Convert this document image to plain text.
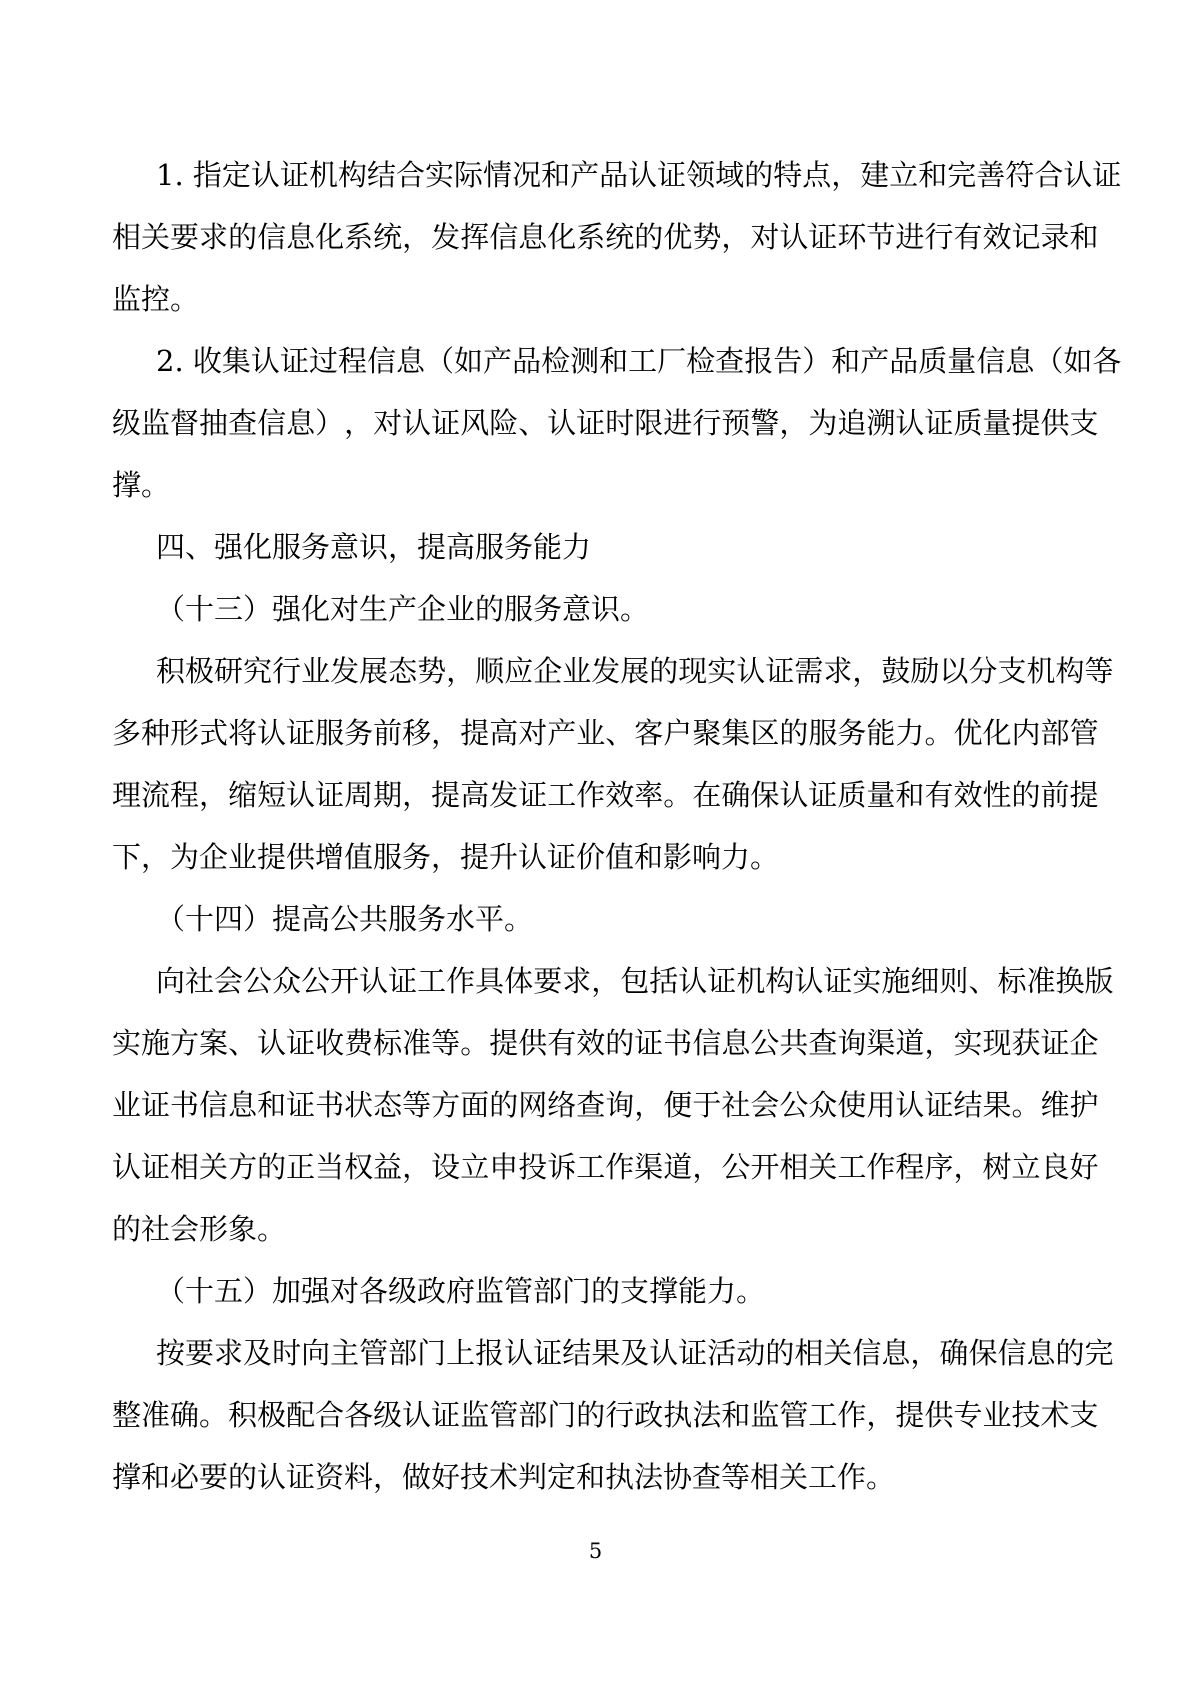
1 .
指 定 认 证 机 构 结 合 实 际 情 况 和 产 品 认 证 领 域 的 特 点 ， 建 立 和 完 善 符 合 认 证
相 关 要 求 的 信 息 化 系 统 ， 发 挥 信 息 化 系 统 的 优 势 ， 对 认 证 环 节 进 行 有 效 记 录 和
监控。
2 .
收 集 认 证 过 程 信 息 （ 如 产 品 检 测 和 工 厂 检 查 报 告 ） 和 产 品 质 量 信 息 （ 如 各
级 监 督 抽 查 信 息 ） ， 对 认 证 风 险 、 认 证 时 限 进 行 预 警 ， 为 追 溯 认 证 质 量 提 供 支
撑。
四、强化服务意识，提高服务能力
（十三）强化对生产企业的服务意识。
积 极 研 究 行 业 发 展 态 势 ， 顺 应 企 业 发 展 的 现 实 认 证 需 求 ， 鼓 励 以 分 支 机 构 等
多 种 形 式 将 认 证 服 务 前 移 ， 提 高 对 产 业 、 客 户 聚 集 区 的 服 务 能 力 。 优 化 内 部 管
理 流 程 ， 缩 短 认 证 周 期 ， 提 高 发 证 工 作 效 率 。 在 确 保 认 证 质 量 和 有 效 性 的 前 提
下，为企业提供增值服务，提升认证价值和影响力。
（十四）提高公共服务水平。
向 社 会 公 众 公 开 认 证 工 作 具 体 要 求 ， 包 括 认 证 机 构 认 证 实 施 细 则 、 标 准 换 版
实 施 方 案 、 认 证 收 费 标 准 等 。 提 供 有 效 的 证 书 信 息 公 共 查 询 渠 道 ， 实 现 获 证 企
业 证 书 信 息 和 证 书 状 态 等 方 面 的 网 络 查 询 ， 便 于 社 会 公 众 使 用 认 证 结 果 。 维 护
认 证 相 关 方 的 正 当 权 益 ， 设 立 申 投 诉 工 作 渠 道 ， 公 开 相 关 工 作 程 序 ， 树 立 良 好
的社会形象。
（十五）加强对各级政府监管部门的支撑能力。
按 要 求 及 时 向 主 管 部 门 上 报 认 证 结 果 及 认 证 活 动 的 相 关 信 息 ， 确 保 信 息 的 完
整 准 确 。 积 极 配 合 各 级 认 证 监 管 部 门 的 行 政 执 法 和 监 管 工 作 ， 提 供 专 业 技 术 支
撑和必要的认证资料，做好技术判定和执法协查等相关工作。
5
